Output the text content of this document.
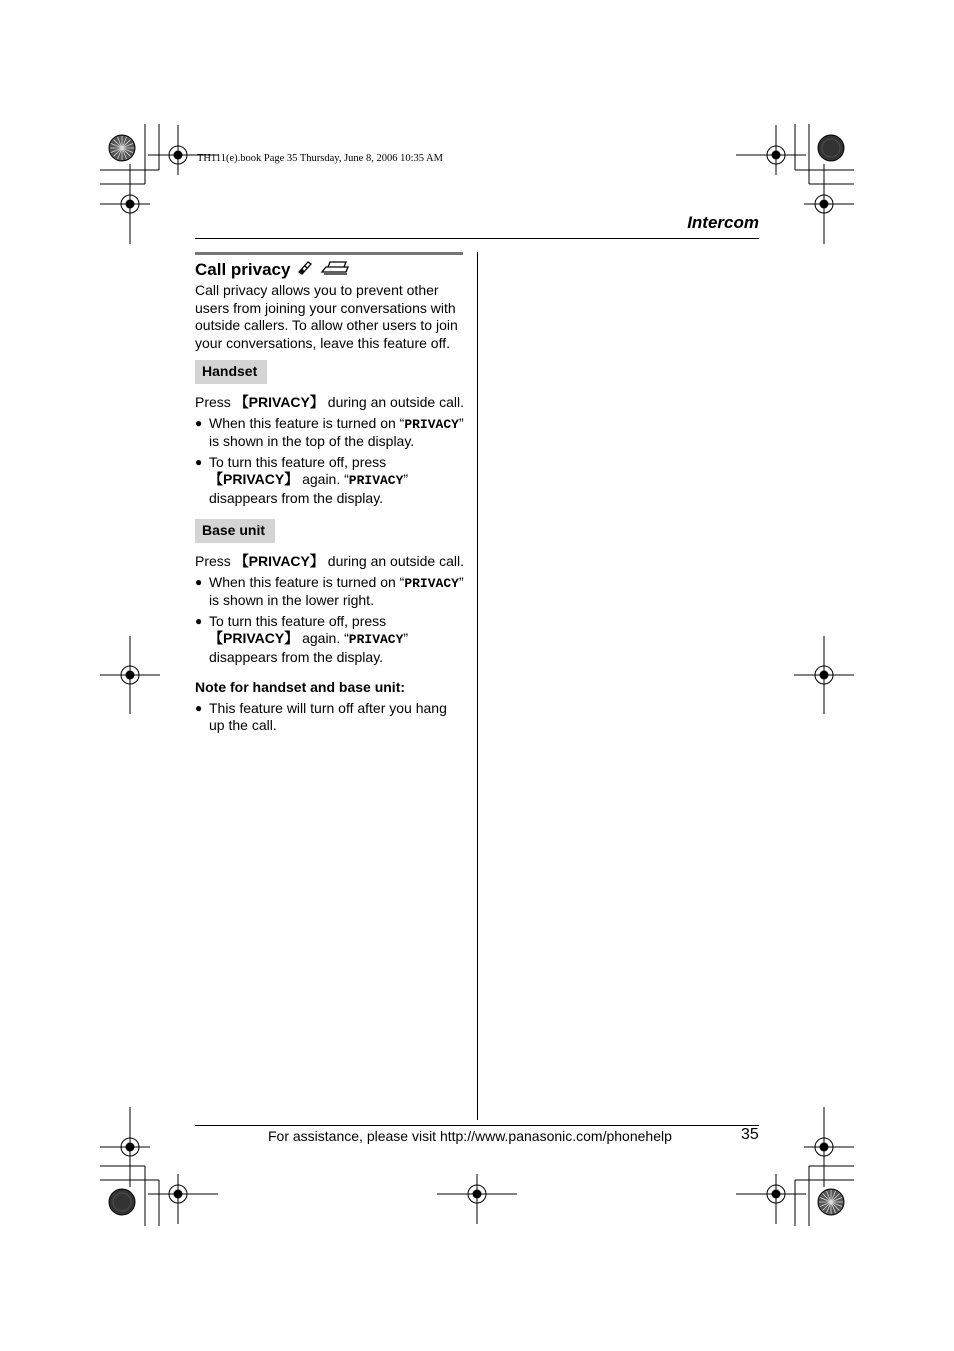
TH111(e).book Page 35 Thursday, June 8, 2006 10:35 AM
Intercom
Call privacy

Call privacy allows you to prevent other users from joining your conversations with outside callers. To allow other users to join your conversations, leave this feature off.

Handset

Press 【PRIVACY】 during an outside call.

● When this feature is turned on “PRIVACY” is shown in the top of the display.

● To turn this feature off, press 【PRIVACY】 again. “PRIVACY” disappears from the display.

Base unit

Press 【PRIVACY】 during an outside call.

● When this feature is turned on “PRIVACY” is shown in the lower right.

● To turn this feature off, press 【PRIVACY】 again. “PRIVACY” disappears from the display.

Note for handset and base unit:

● This feature will turn off after you hang up the call.

For assistance, please visit http://www.panasonic.com/phonehelp	35
